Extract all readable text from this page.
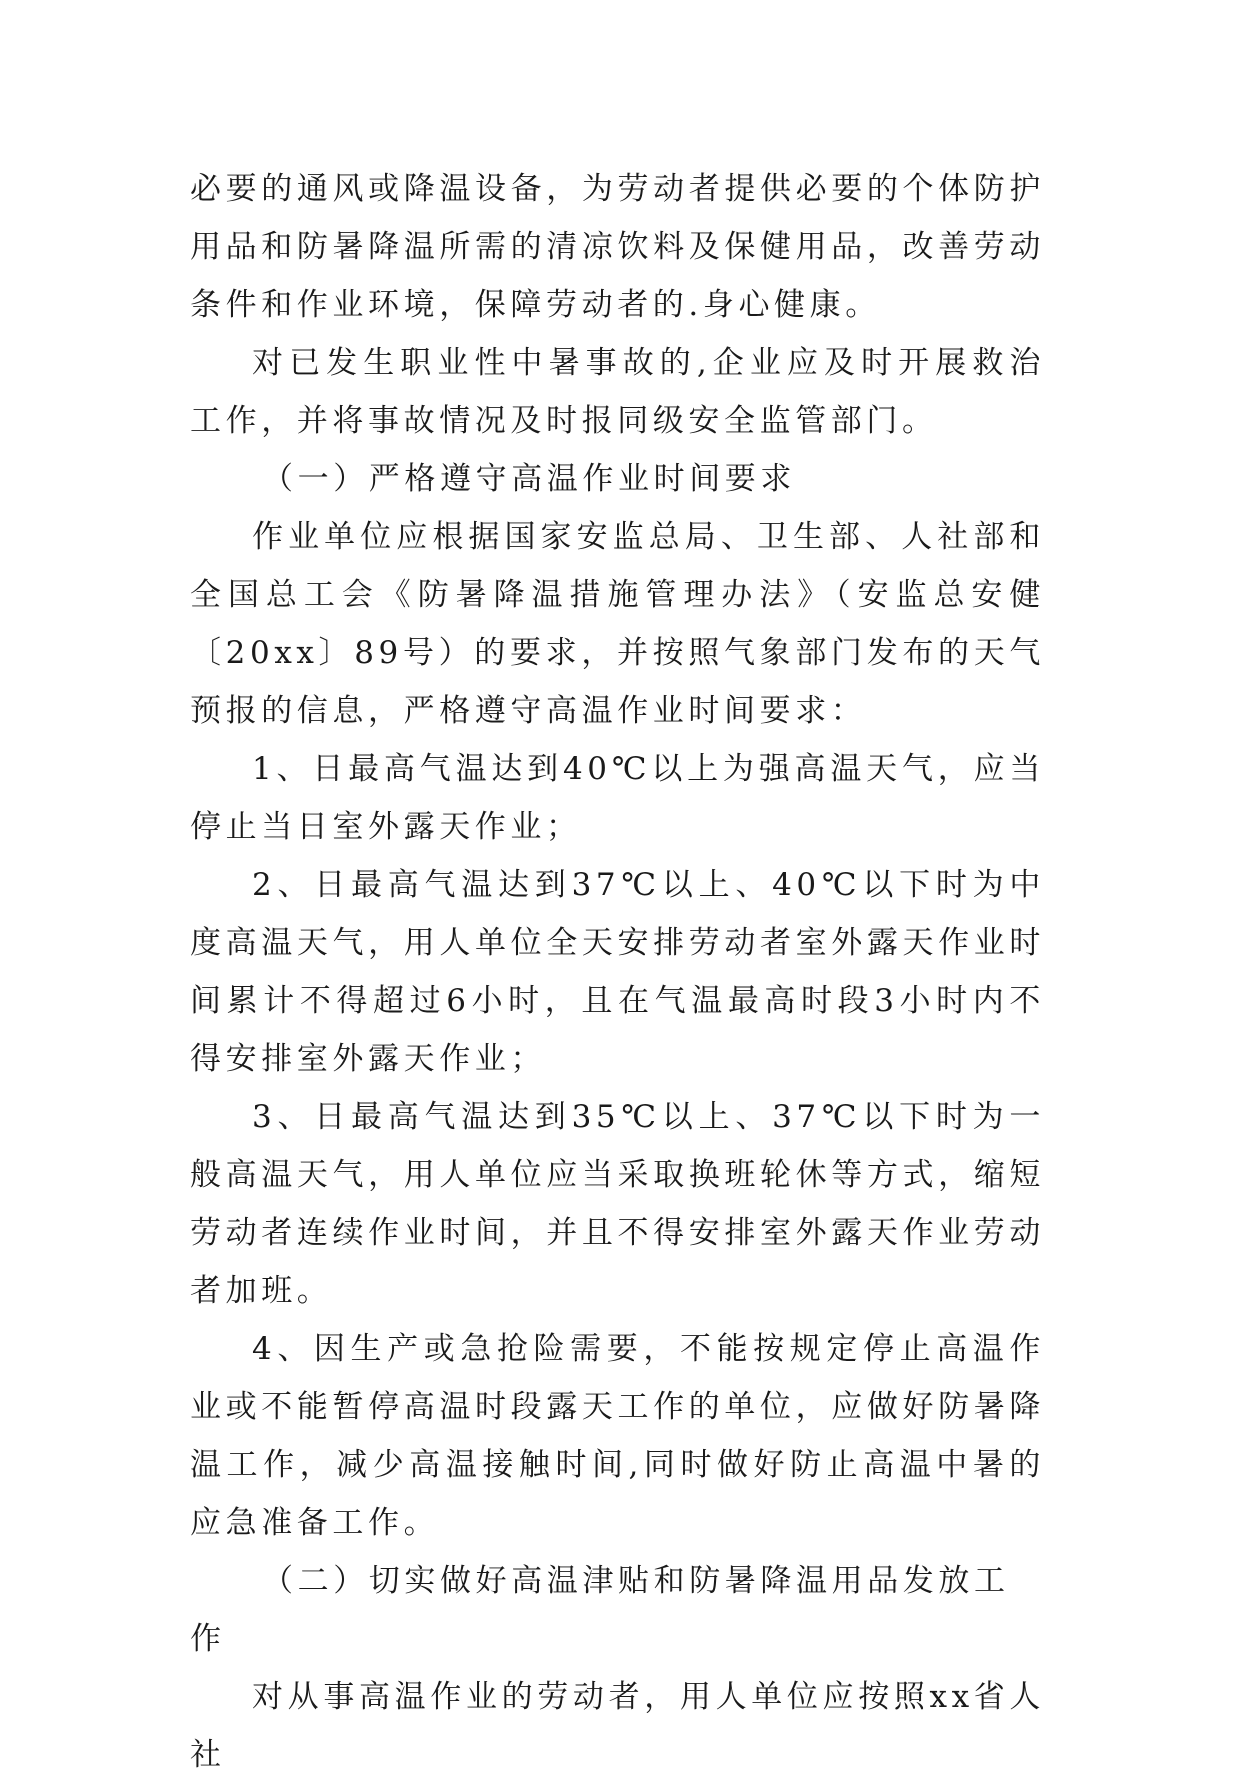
必要的通风或降温设备，为劳动者提供必要的个体防护用品和防暑降温所需的清凉饮料及保健用品，改善劳动条件和作业环境，保障劳动者的.身心健康。

对已发生职业性中暑事故的,企业应及时开展救治工作，并将事故情况及时报同级安全监管部门。

（一）严格遵守高温作业时间要求

作业单位应根据国家安监总局、卫生部、人社部和全国总工会《防暑降温措施管理办法》（安监总安健〔20xx〕89号）的要求，并按照气象部门发布的天气预报的信息，严格遵守高温作业时间要求：

1、日最高气温达到40℃以上为强高温天气，应当停止当日室外露天作业；

2、日最高气温达到37℃以上、40℃以下时为中度高温天气，用人单位全天安排劳动者室外露天作业时间累计不得超过6小时，且在气温最高时段3小时内不得安排室外露天作业；

3、日最高气温达到35℃以上、37℃以下时为一般高温天气，用人单位应当采取换班轮休等方式，缩短劳动者连续作业时间，并且不得安排室外露天作业劳动者加班。

4、因生产或急抢险需要，不能按规定停止高温作业或不能暂停高温时段露天工作的单位，应做好防暑降温工作，减少高温接触时间,同时做好防止高温中暑的应急准备工作。

（二）切实做好高温津贴和防暑降温用品发放工作

对从事高温作业的劳动者，用人单位应按照xx省人社
